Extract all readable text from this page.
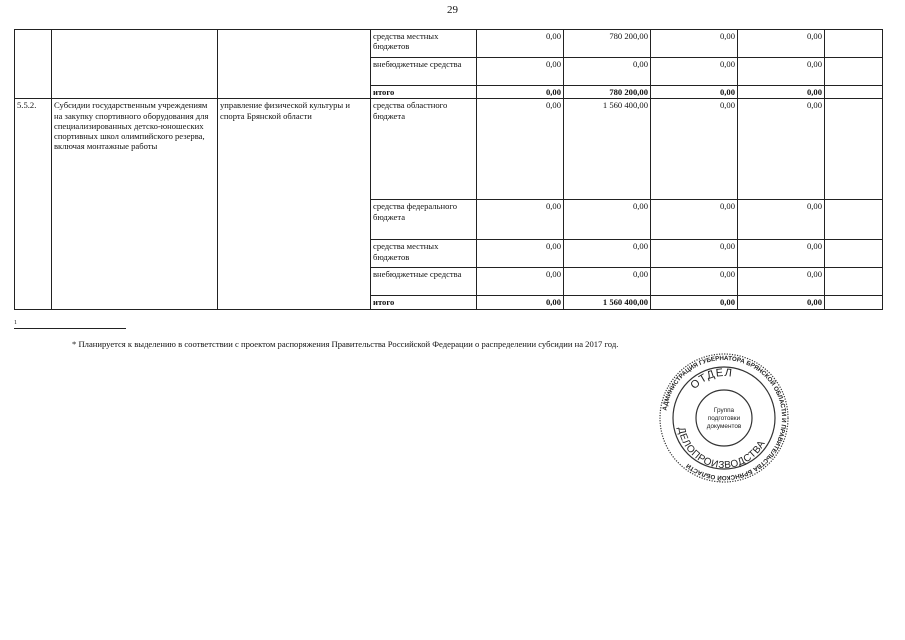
29
			средства местных бюджетов	0,00	780 200,00	0,00	0,00	
			внебюджетные средства	0,00	0,00	0,00	0,00	
			итого	0,00	780 200,00	0,00	0,00	
5.5.2.	Субсидии государственным учреждениям на закупку спортивного оборудования для специализированных детско-юношеских спортивных школ олимпийского резерва, включая монтажные работы	управление физической культуры и спорта Брянской области	средства областного бюджета	0,00	1 560 400,00	0,00	0,00	
			средства федерального бюджета	0,00	0,00	0,00	0,00	
			средства местных бюджетов	0,00	0,00	0,00	0,00	
			внебюджетные средства	0,00	0,00	0,00	0,00	
			итого	0,00	1 560 400,00	0,00	0,00	
1
* Планируется к выделению в соответствии с проектом распоряжения Правительства Российской Федерации о распределении субсидии на 2017 год.
АДМИНИСТРАЦИЯ ГУБЕРНАТОРА БРЯНСКОЙ ОБЛАСТИ И ПРАВИТЕЛЬСТВА БРЯНСКОЙ ОБЛАСТИ
ОТДЕЛ
ДЕЛОПРОИЗВОДСТВА
Группа
подготовки
документов
